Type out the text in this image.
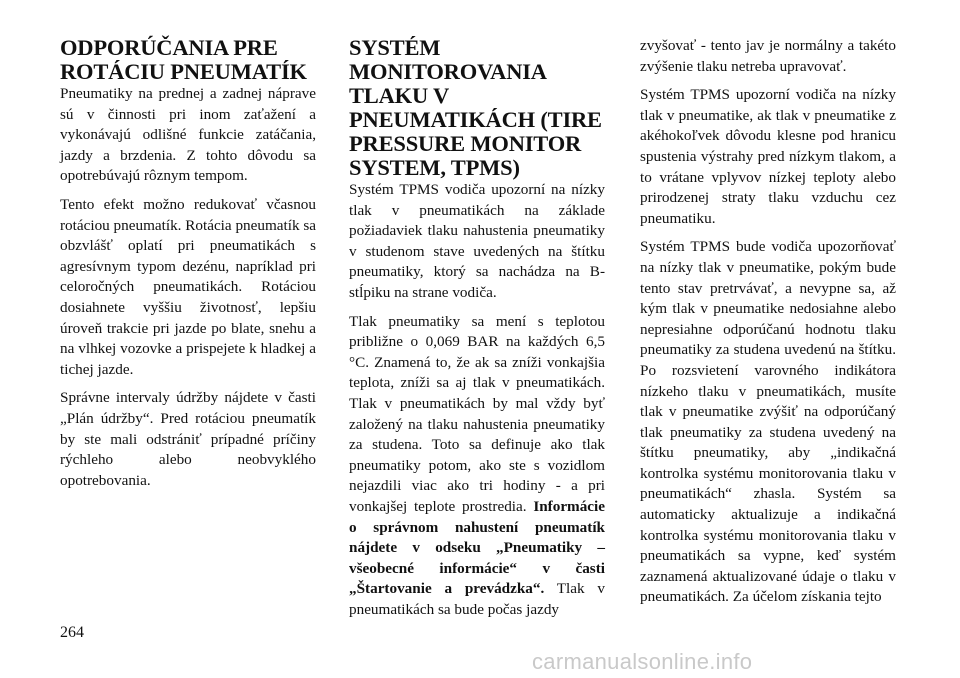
ODPORÚČANIA PRE ROTÁCIU PNEUMATÍK

Pneumatiky na prednej a zadnej náprave sú v činnosti pri inom zaťažení a vykonávajú odlišné funkcie zatáčania, jazdy a brzdenia. Z tohto dôvodu sa opotrebúvajú rôznym tempom.

Tento efekt možno redukovať včasnou rotáciou pneumatík. Rotácia pneumatík sa obzvlášť oplatí pri pneumatikách s agresívnym typom dezénu, napríklad pri celoročných pneumatikách. Rotáciou dosiahnete vyššiu životnosť, lepšiu úroveň trakcie pri jazde po blate, snehu a na vlhkej vozovke a prispejete k hladkej a tichej jazde.

Správne intervaly údržby nájdete v časti „Plán údržby“. Pred rotáciou pneumatík by ste mali odstrániť prípadné príčiny rýchleho alebo neobvyklého opotrebovania.

SYSTÉM MONITOROVANIA TLAKU V PNEUMATIKÁCH (TIRE PRESSURE MONITOR SYSTEM, TPMS)

Systém TPMS vodiča upozorní na nízky tlak v pneumatikách na základe požiadaviek tlaku nahustenia pneumatiky v studenom stave uvedených na štítku pneumatiky, ktorý sa nachádza na B-stĺpiku na strane vodiča.

Tlak pneumatiky sa mení s teplotou približne o 0,069 BAR na každých 6,5 °C. Znamená to, že ak sa zníži vonkajšia teplota, zníži sa aj tlak v pneumatikách. Tlak v pneumatikách by mal vždy byť založený na tlaku nahustenia pneumatiky za studena. Toto sa definuje ako tlak pneumatiky potom, ako ste s vozidlom nejazdili viac ako tri hodiny - a pri vonkajšej teplote prostredia. Informácie o správnom nahustení pneumatík nájdete v odseku „Pneumatiky – všeobecné informácie“ v časti „Štartovanie a prevádzka“. Tlak v pneumatikách sa bude počas jazdy

zvyšovať - tento jav je normálny a takéto zvýšenie tlaku netreba upravovať.

Systém TPMS upozorní vodiča na nízky tlak v pneumatike, ak tlak v pneumatike z akéhokoľvek dôvodu klesne pod hranicu spustenia výstrahy pred nízkym tlakom, a to vrátane vplyvov nízkej teploty alebo prirodzenej straty tlaku vzduchu cez pneumatiku.

Systém TPMS bude vodiča upozorňovať na nízky tlak v pneumatike, pokým bude tento stav pretrvávať, a nevypne sa, až kým tlak v pneumatike nedosiahne alebo nepresiahne odporúčanú hodnotu tlaku pneumatiky za studena uvedenú na štítku. Po rozsvietení varovného indikátora nízkeho tlaku v pneumatikách, musíte tlak v pneumatike zvýšiť na odporúčaný tlak pneumatiky za studena uvedený na štítku pneumatiky, aby „indikačná kontrolka systému monitorovania tlaku v pneumatikách“ zhasla. Systém sa automaticky aktualizuje a indikačná kontrolka systému monitorovania tlaku v pneumatikách sa vypne, keď systém zaznamená aktualizované údaje o tlaku v pneumatikách. Za účelom získania tejto

264
carmanualsonline.info
